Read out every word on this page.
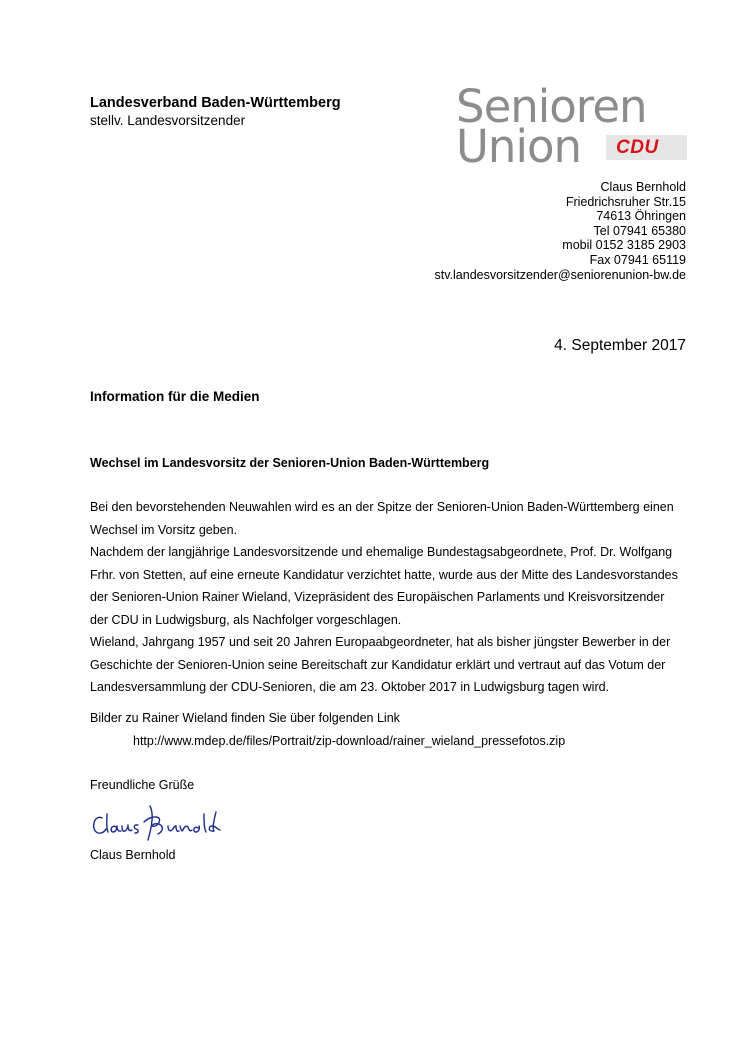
Landesverband Baden-Württemberg
stellv. Landesvorsitzender	Senioren
Union CDU
Claus Bernhold
Friedrichsruher Str.15
74613 Öhringen
Tel 07941 65380
mobil 0152 3185 2903
Fax 07941 65119
stv.landesvorsitzender@seniorenunion-bw.de
4. September 2017
Information für die Medien
Wechsel im Landesvorsitz der Senioren-Union Baden-Württemberg

Bei den bevorstehenden Neuwahlen wird es an der Spitze der Senioren-Union Baden-Württemberg einen

Wechsel im Vorsitz geben.

Nachdem der langjährige Landesvorsitzende und ehemalige Bundestagsabgeordnete, Prof. Dr. Wolfgang

Frhr. von Stetten, auf eine erneute Kandidatur verzichtet hatte, wurde aus der Mitte des Landesvorstandes

der Senioren-Union Rainer Wieland, Vizepräsident des Europäischen Parlaments und Kreisvorsitzender

der CDU in Ludwigsburg, als Nachfolger vorgeschlagen.

Wieland, Jahrgang 1957 und seit 20 Jahren Europaabgeordneter, hat als bisher jüngster Bewerber in der

Geschichte der Senioren-Union seine Bereitschaft zur Kandidatur erklärt und vertraut auf das Votum der

Landesversammlung der CDU-Senioren, die am 23. Oktober 2017 in Ludwigsburg tagen wird.

Bilder zu Rainer Wieland finden Sie über folgenden Link
http://www.mdep.de/files/Portrait/zip-download/rainer_wieland_pressefotos.zip
Freundliche Grüße
Claus Bernhold
